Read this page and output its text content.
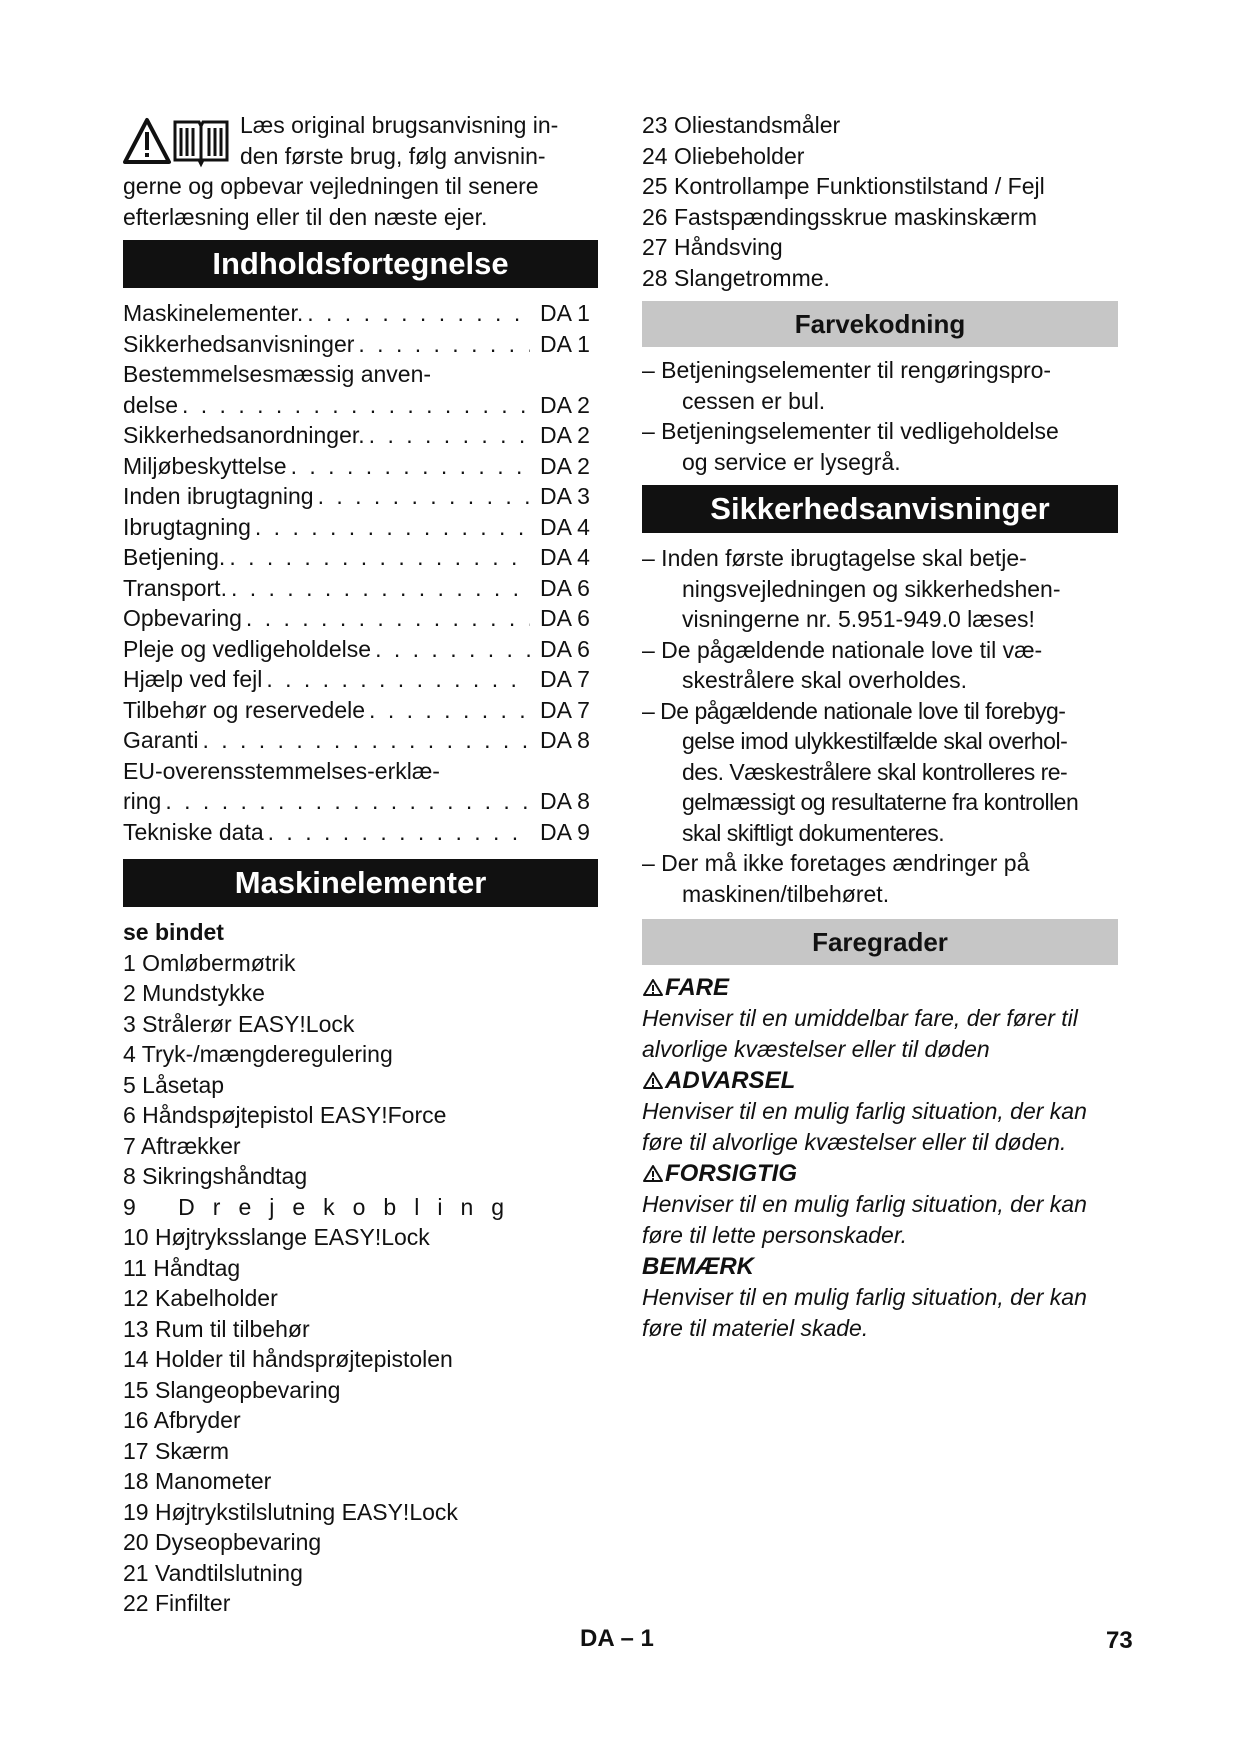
Læs original brugsanvisning in-
den første brug, følg anvisnin-
gerne og opbevar vejledningen til senere
efterlæsning eller til den næste ejer.
Indholdsfortegnelse
Maskinelementer. . . .	DA 1
Sikkerhedsanvisninger . . .	DA 1
Bestemmelsesmæssig anven-
delse . . .	DA 2
Sikkerhedsanordninger. . . .	DA 2
Miljøbeskyttelse . . .	DA 2
Inden ibrugtagning . . .	DA 3
Ibrugtagning . . .	DA 4
Betjening. . . .	DA 4
Transport. . . .	DA 6
Opbevaring . . .	DA 6
Pleje og vedligeholdelse . . .	DA 6
Hjælp ved fejl . . .	DA 7
Tilbehør og reservedele . . .	DA 7
Garanti . . .	DA 8
EU-overensstemmelses-erklæ-
ring . . .	DA 8
Tekniske data . . .	DA 9
Maskinelementer
se bindet
1 Omløbermøtrik
2 Mundstykke
3 Strålerør EASY!Lock
4 Tryk-/mængderegulering
5 Låsetap
6 Håndspøjtepistol EASY!Force
7 Aftrækker
8 Sikringshåndtag
9 Drejekobling
10 Højtryksslange EASY!Lock
11 Håndtag
12 Kabelholder
13 Rum til tilbehør
14 Holder til håndsprøjtepistolen
15 Slangeopbevaring
16 Afbryder
17 Skærm
18 Manometer
19 Højtrykstilslutning EASY!Lock
20 Dyseopbevaring
21 Vandtilslutning
22 Finfilter
23 Oliestandsmåler
24 Oliebeholder
25 Kontrollampe Funktionstilstand / Fejl
26 Fastspændingsskrue maskinskærm
27 Håndsving
28 Slangetromme.
Farvekodning
– Betjeningselementer til rengøringspro-
cessen er bul.
– Betjeningselementer til vedligeholdelse
og service er lysegrå.
Sikkerhedsanvisninger
– Inden første ibrugtagelse skal betje-
ningsvejledningen og sikkerhedshen-
visningerne nr. 5.951-949.0 læses!
– De pågældende nationale love til væ-
skestrålere skal overholdes.
– De pågældende nationale love til forebyg-
gelse imod ulykkestilfælde skal overhol-
des. Væskestrålere skal kontrolleres re-
gelmæssigt og resultaterne fra kontrollen
skal skiftligt dokumenteres.
– Der må ikke foretages ændringer på
maskinen/tilbehøret.
Faregrader
FARE
Henviser til en umiddelbar fare, der fører til
alvorlige kvæstelser eller til døden
ADVARSEL
Henviser til en mulig farlig situation, der kan
føre til alvorlige kvæstelser eller til døden.
FORSIGTIG
Henviser til en mulig farlig situation, der kan
føre til lette personskader.
BEMÆRK
Henviser til en mulig farlig situation, der kan
føre til materiel skade.
DA – 1	73
